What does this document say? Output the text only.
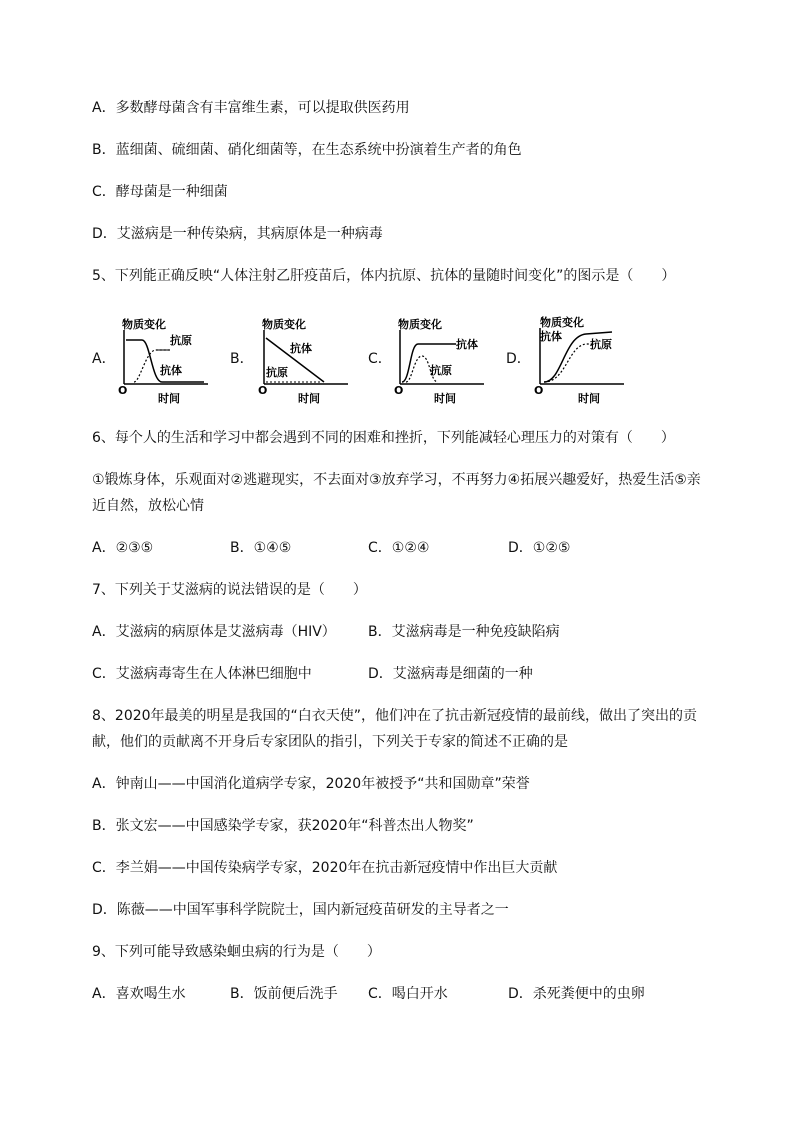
A．多数酵母菌含有丰富维生素，可以提取供医药用
B．蓝细菌、硫细菌、硝化细菌等，在生态系统中扮演着生产者的角色
C．酵母菌是一种细菌
D．艾滋病是一种传染病，其病原体是一种病毒
5、下列能正确反映“人体注射乙肝疫苗后，体内抗原、抗体的量随时间变化”的图示是（　　）
A．
物质变化
O
时间
抗原
抗体
B．
物质变化
O
时间
抗体
抗原
C．
物质变化
O
时间
抗体
抗原
D．
物质变化
O
时间
抗体
抗原
6、每个人的生活和学习中都会遇到不同的困难和挫折，下列能减轻心理压力的对策有（　　）
①锻炼身体，乐观面对②逃避现实，不去面对③放弃学习，不再努力④拓展兴趣爱好，热爱生活⑤亲
近自然，放松心情
A．②③⑤	B．①④⑤	C．①②④	D．①②⑤
7、下列关于艾滋病的说法错误的是（　　）
A．艾滋病的病原体是艾滋病毒（HIV） B．艾滋病毒是一种免疫缺陷病
C．艾滋病毒寄生在人体淋巴细胞中	D．艾滋病毒是细菌的一种
8、2020年最美的明星是我国的“白衣天使”，他们冲在了抗击新冠疫情的最前线，做出了突出的贡
献，他们的贡献离不开身后专家团队的指引，下列关于专家的简述不正确的是
A．钟南山——中国消化道病学专家，2020年被授予“共和国勋章”荣誉
B．张文宏——中国感染学专家，获2020年“科普杰出人物奖”
C．李兰娟——中国传染病学专家，2020年在抗击新冠疫情中作出巨大贡献
D．陈薇——中国军事科学院院士，国内新冠疫苗研发的主导者之一
9、下列可能导致感染蛔虫病的行为是（　　）
A．喜欢喝生水	B．饭前便后洗手 C．喝白开水	D．杀死粪便中的虫卵
